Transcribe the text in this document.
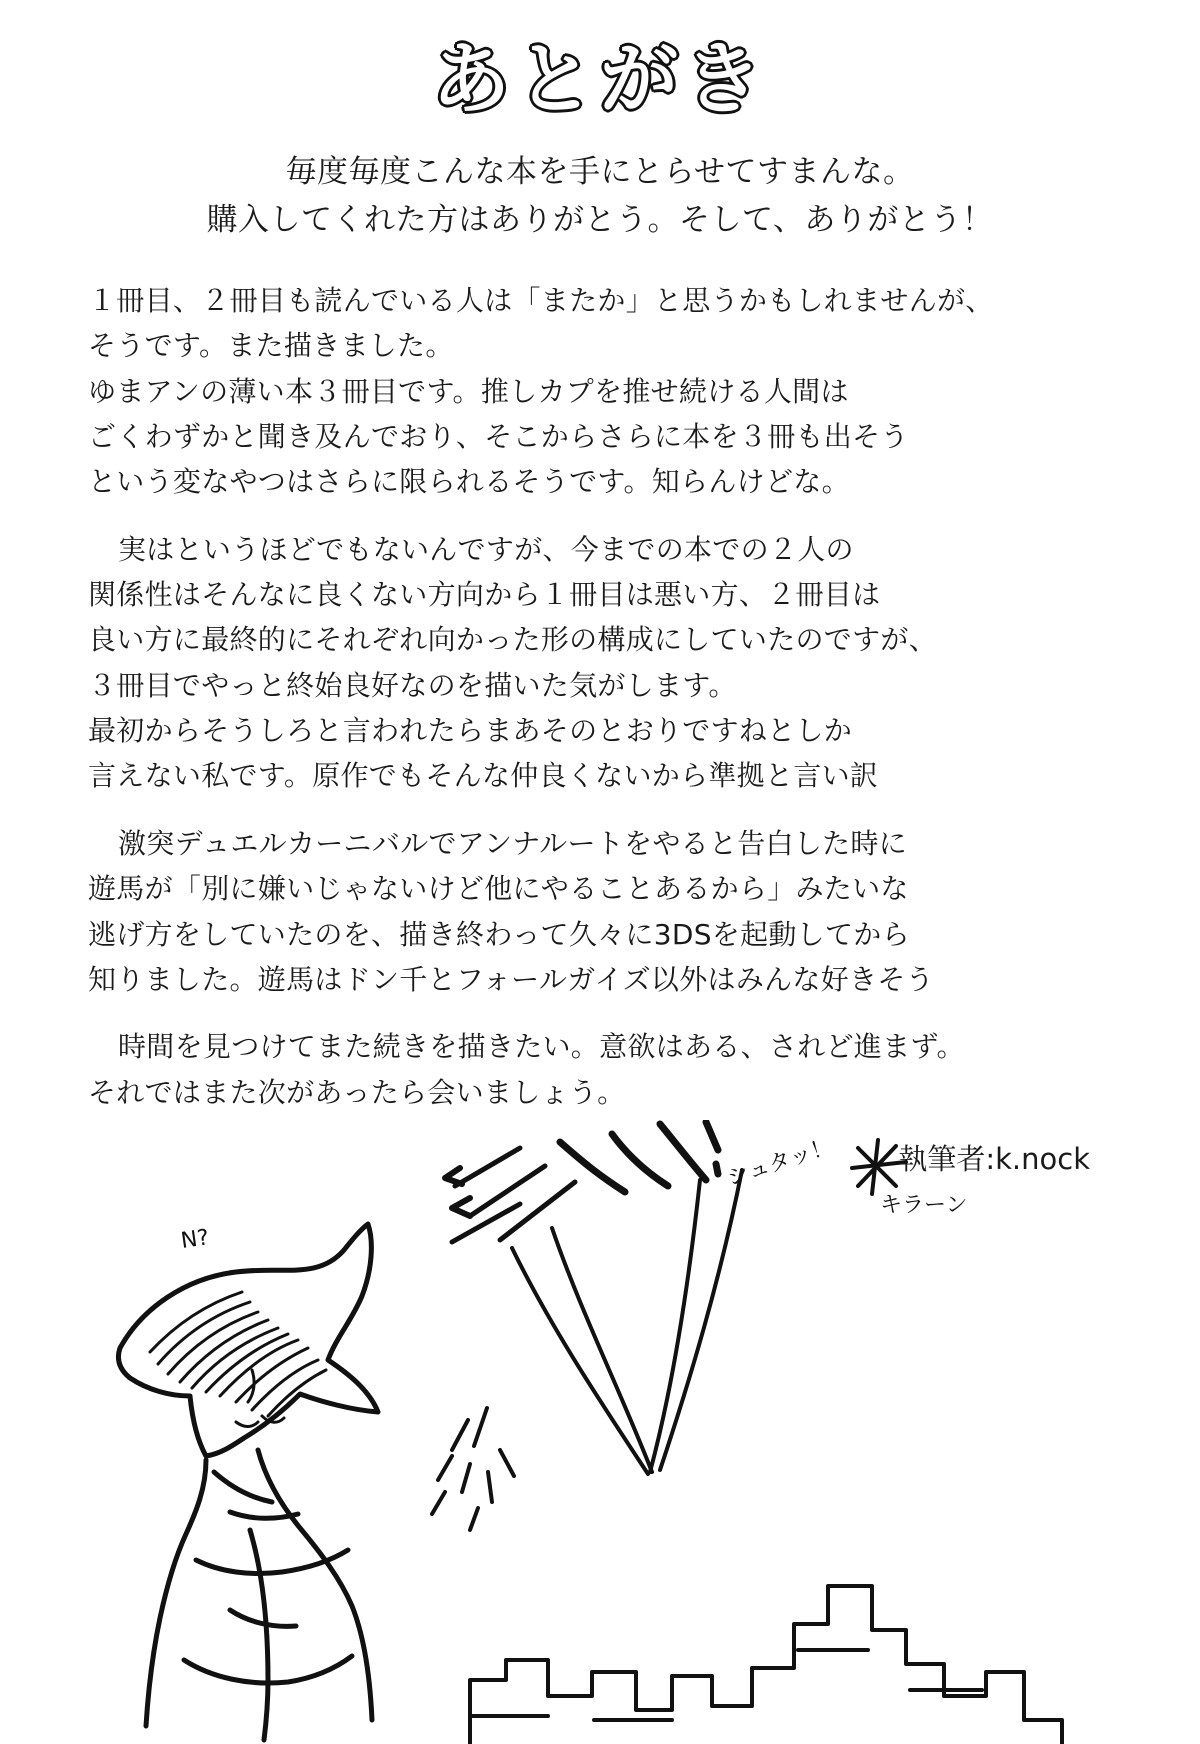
あとがき
毎度毎度こんな本を手にとらせてすまんな。
購入してくれた方はありがとう。そして、ありがとう！
１冊目、２冊目も読んでいる人は「またか」と思うかもしれませんが、
そうです。また描きました。
ゆまアンの薄い本３冊目です。推しカプを推せ続ける人間は
ごくわずかと聞き及んでおり、そこからさらに本を３冊も出そう
という変なやつはさらに限られるそうです。知らんけどな。
実はというほどでもないんですが、今までの本での２人の
関係性はそんなに良くない方向から１冊目は悪い方、２冊目は
良い方に最終的にそれぞれ向かった形の構成にしていたのですが、
３冊目でやっと終始良好なのを描いた気がします。
最初からそうしろと言われたらまあそのとおりですねとしか
言えない私です。原作でもそんな仲良くないから準拠と言い訳
激突デュエルカーニバルでアンナルートをやると告白した時に
遊馬が「別に嫌いじゃないけど他にやることあるから」みたいな
逃げ方をしていたのを、描き終わって久々に3DSを起動してから
知りました。遊馬はドン千とフォールガイズ以外はみんな好きそう
時間を見つけてまた続きを描きたい。意欲はある、されど進まず。
それではまた次があったら会いましょう。
執筆者:k.nock
シュタッ！
キラーン
N?
